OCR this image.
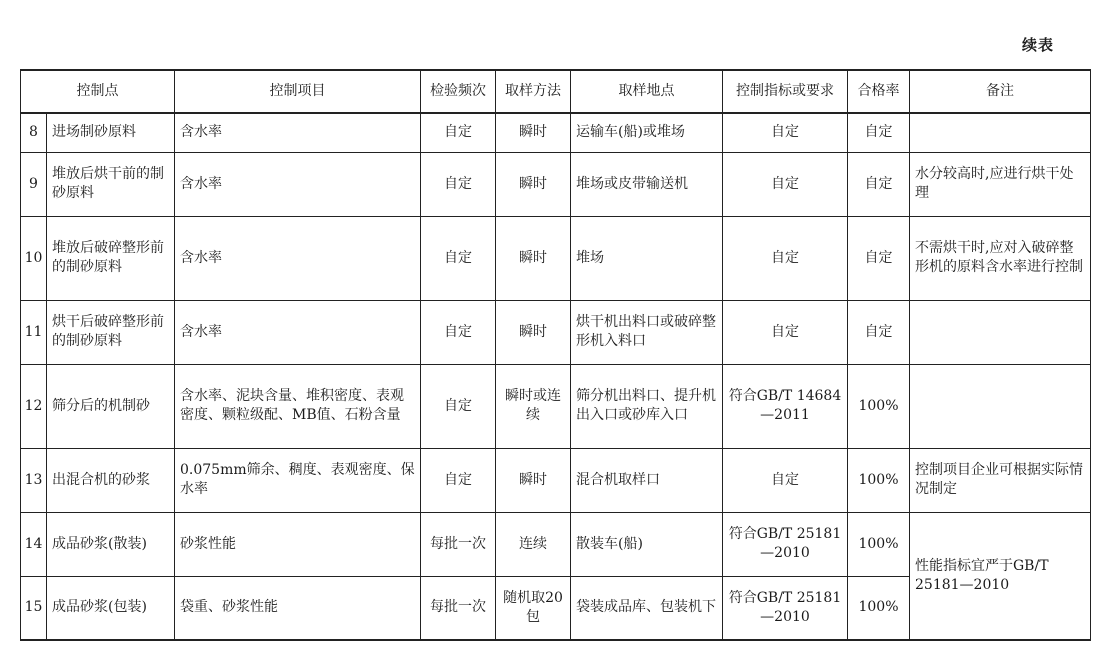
续表
控制点		控制项目	检验频次	取样方法	取样地点	控制指标或要求	合格率	备注
8	进场制砂原料	含水率	自定	瞬时	运输车(船)或堆场	自定	自定	
9	堆放后烘干前的制砂原料	含水率	自定	瞬时	堆场或皮带输送机	自定	自定	水分较高时,应进行烘干处理
10	堆放后破碎整形前的制砂原料	含水率	自定	瞬时	堆场	自定	自定	不需烘干时,应对入破碎整形机的原料含水率进行控制
11	烘干后破碎整形前的制砂原料	含水率	自定	瞬时	烘干机出料口或破碎整形机入料口	自定	自定	
12	筛分后的机制砂	含水率、泥块含量、堆积密度、表观密度、颗粒级配、MB值、石粉含量	自定	瞬时或连续	筛分机出料口、提升机出入口或砂库入口	符合GB/T 14684—2011	100%	
13	出混合机的砂浆	0.075mm筛余、稠度、表观密度、保水率	自定	瞬时	混合机取样口	自定	100%	控制项目企业可根据实际情况制定
14	成品砂浆(散装)	砂浆性能	每批一次	连续	散装车(船)	符合GB/T 25181—2010	100%	性能指标宜严于GB/T 25181—2010
15	成品砂浆(包装)	袋重、砂浆性能	每批一次	随机取20包	袋装成品库、包装机下	符合GB/T 25181—2010	100%	
